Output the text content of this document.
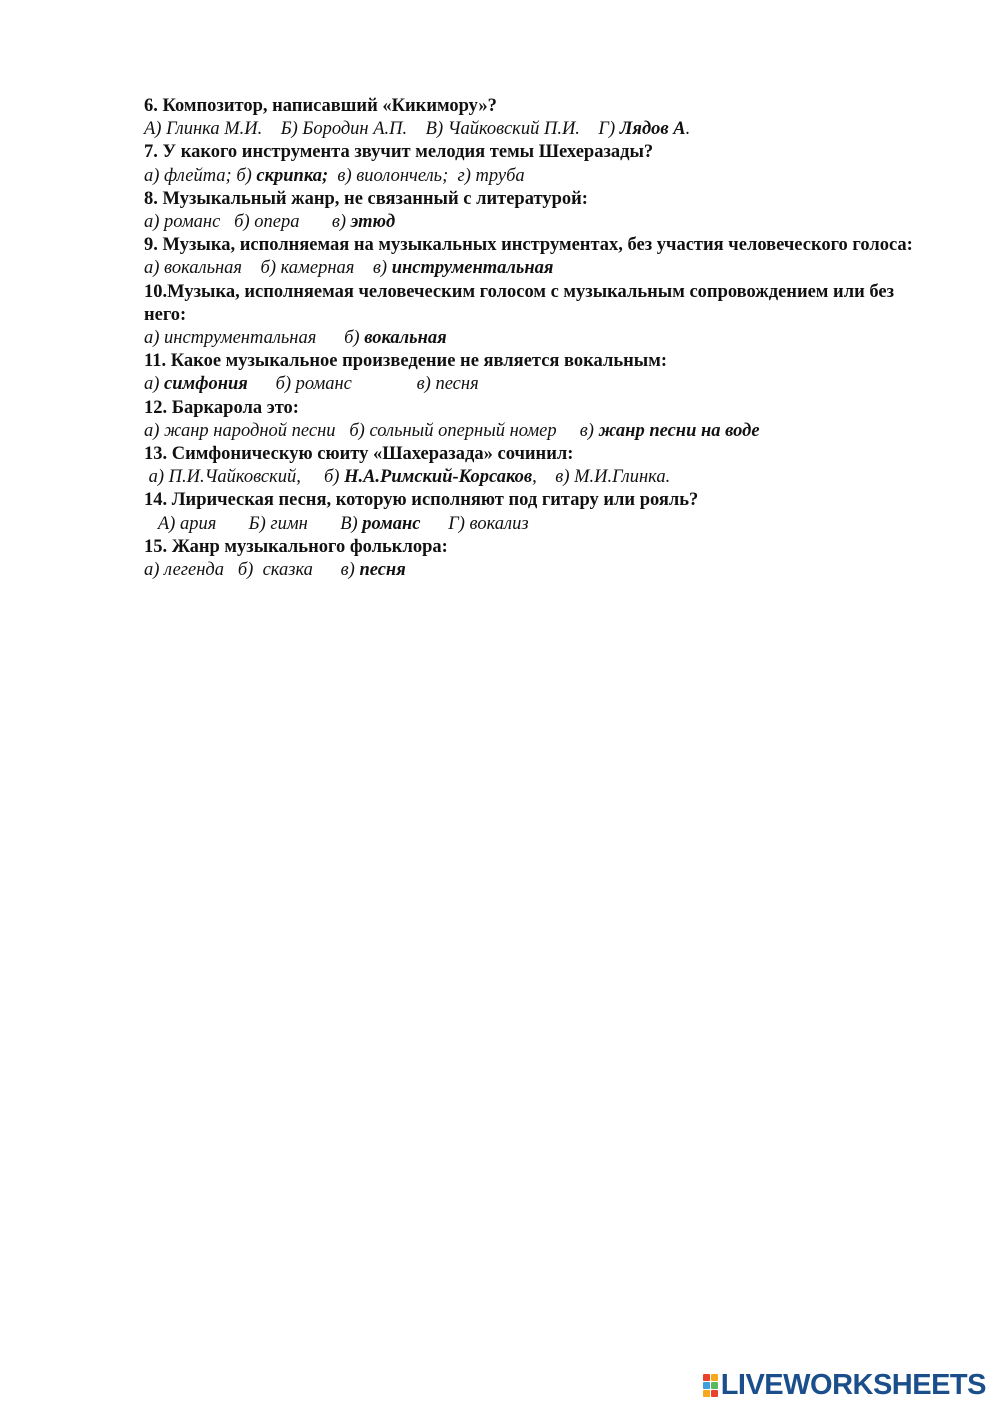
6. Композитор, написавший «Кикимору»?
А) Глинка М.И.    Б) Бородин А.П.    В) Чайковский П.И.    Г) Лядов А.
7. У какого инструмента звучит мелодия темы Шехеразады?
а) флейта; б) скрипка;  в) виолончель;  г) труба
8. Музыкальный жанр, не связанный с литературой:
а) романс   б) опера       в) этюд
9. Музыка, исполняемая на музыкальных инструментах, без участия человеческого голоса:
а) вокальная    б) камерная    в) инструментальная
10.Музыка, исполняемая человеческим голосом с музыкальным сопровождением или без него:
а) инструментальная      б) вокальная
11. Какое музыкальное произведение не является вокальным:
а) симфония      б) романс              в) песня
12. Баркарола это:
а) жанр народной песни   б) сольный оперный номер     в) жанр песни на воде
13. Симфоническую сюиту «Шахеразада» сочинил:
а) П.И.Чайковский,     б) Н.А.Римский-Корсаков,    в) М.И.Глинка.
14. Лирическая песня, которую исполняют под гитару или рояль?
А) ария       Б) гимн       В) романс      Г) вокализ
15. Жанр музыкального фольклора:
а) легенда   б)  сказка      в) песня
LIVEWORKSHEETS
